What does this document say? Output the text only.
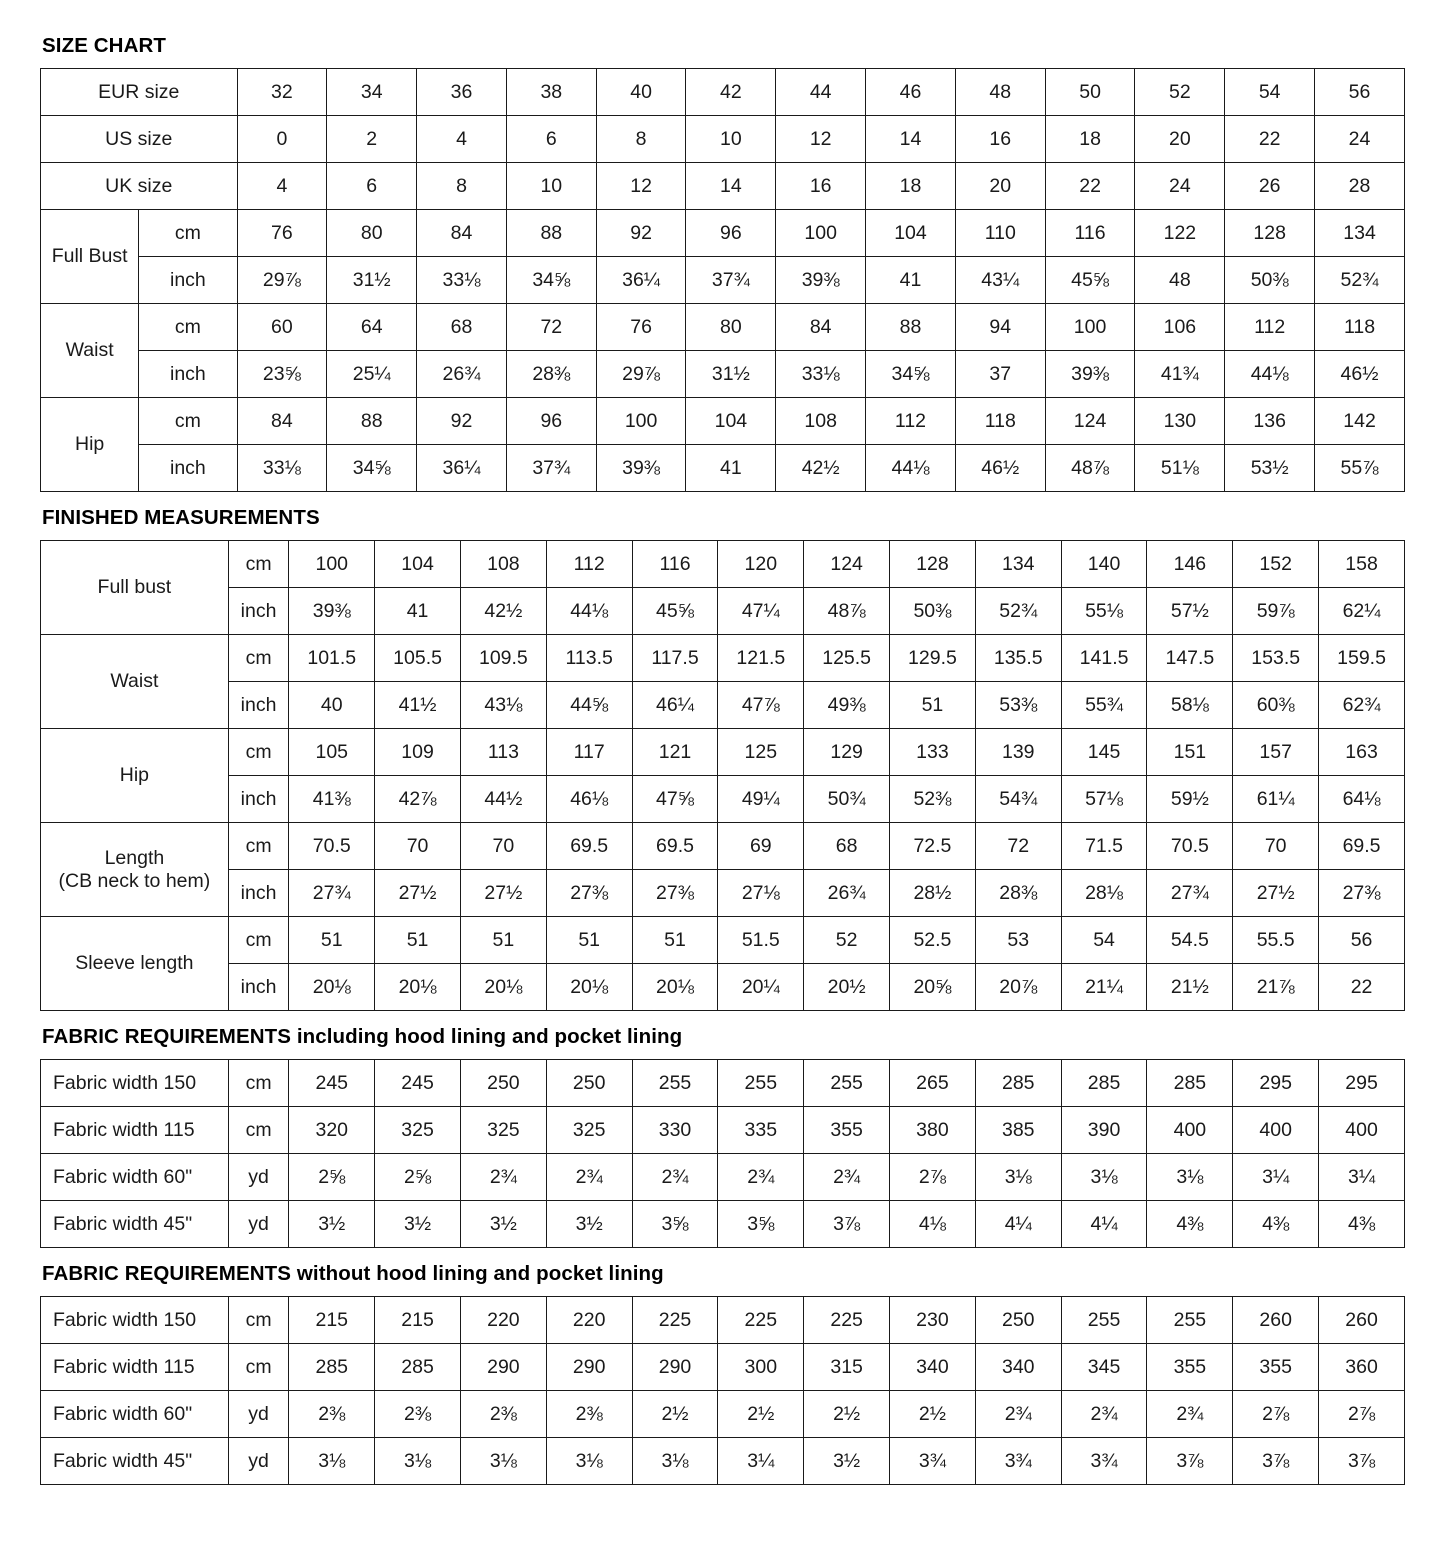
SIZE CHART
EUR size		32	34	36	38	40	42	44	46	48	50	52	54	56

US size		0	2	4	6	8	10	12	14	16	18	20	22	24

UK size		4	6	8	10	12	14	16	18	20	22	24	26	28

Full Bust	cm	76	80	84	88	92	96	100	104	110	116	122	128	134
	inch	29⅞	31½	33⅛	34⅝	36¼	37¾	39⅜	41	43¼	45⅝	48	50⅜	52¾

Waist	cm	60	64	68	72	76	80	84	88	94	100	106	112	118
	inch	23⅝	25¼	26¾	28⅜	29⅞	31½	33⅛	34⅝	37	39⅜	41¾	44⅛	46½

Hip	cm	84	88	92	96	100	104	108	112	118	124	130	136	142
	inch	33⅛	34⅝	36¼	37¾	39⅜	41	42½	44⅛	46½	48⅞	51⅛	53½	55⅞
FINISHED MEASUREMENTS
Full bust	cm	100	104	108	112	116	120	124	128	134	140	146	152	158
	inch	39⅜	41	42½	44⅛	45⅝	47¼	48⅞	50⅜	52¾	55⅛	57½	59⅞	62¼

Waist	cm	101.5	105.5	109.5	113.5	117.5	121.5	125.5	129.5	135.5	141.5	147.5	153.5	159.5
	inch	40	41½	43⅛	44⅝	46¼	47⅞	49⅜	51	53⅜	55¾	58⅛	60⅜	62¾

Hip	cm	105	109	113	117	121	125	129	133	139	145	151	157	163
	inch	41⅜	42⅞	44½	46⅛	47⅝	49¼	50¾	52⅜	54¾	57⅛	59½	61¼	64⅛

Length
(CB neck to hem)	cm	70.5	70	70	69.5	69.5	69	68	72.5	72	71.5	70.5	70	69.5
	inch	27¾	27½	27½	27⅜	27⅜	27⅛	26¾	28½	28⅜	28⅛	27¾	27½	27⅜

Sleeve length	cm	51	51	51	51	51	51.5	52	52.5	53	54	54.5	55.5	56
	inch	20⅛	20⅛	20⅛	20⅛	20⅛	20¼	20½	20⅝	20⅞	21¼	21½	21⅞	22
FABRIC REQUIREMENTS including hood lining and pocket lining
Fabric width 150	cm	245	245	250	250	255	255	255	265	285	285	285	295	295

Fabric width 115	cm	320	325	325	325	330	335	355	380	385	390	400	400	400

Fabric width 60"	yd	2⅝	2⅝	2¾	2¾	2¾	2¾	2¾	2⅞	3⅛	3⅛	3⅛	3¼	3¼

Fabric width 45"	yd	3½	3½	3½	3½	3⅝	3⅝	3⅞	4⅛	4¼	4¼	4⅜	4⅜	4⅜
FABRIC REQUIREMENTS without hood lining and pocket lining
Fabric width 150	cm	215	215	220	220	225	225	225	230	250	255	255	260	260

Fabric width 115	cm	285	285	290	290	290	300	315	340	340	345	355	355	360

Fabric width 60"	yd	2⅜	2⅜	2⅜	2⅜	2½	2½	2½	2½	2¾	2¾	2¾	2⅞	2⅞

Fabric width 45"	yd	3⅛	3⅛	3⅛	3⅛	3⅛	3¼	3½	3¾	3¾	3¾	3⅞	3⅞	3⅞
